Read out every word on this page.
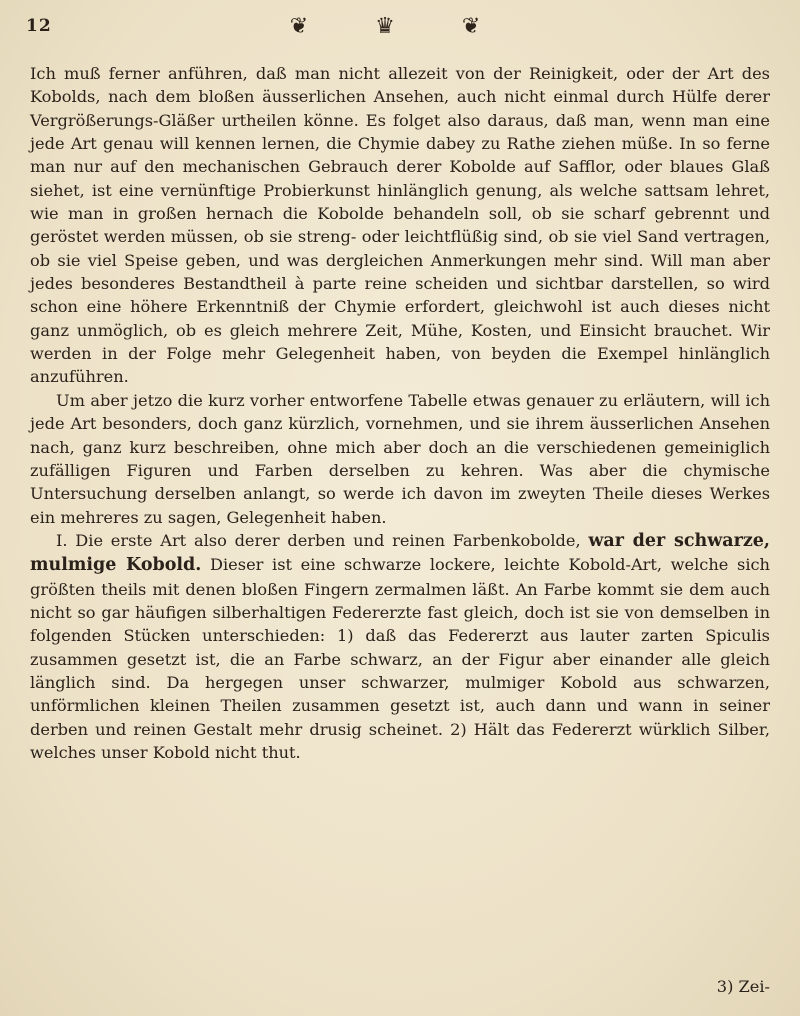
12	❦ ♛ ❦

Ich muß ferner anführen, daß man nicht allezeit von der Reinigkeit, oder der Art des Kobolds, nach dem bloßen äusserlichen Ansehen, auch nicht einmal durch Hülfe derer Vergrößerungs-Gläßer urtheilen könne. Es folget also daraus, daß man, wenn man eine jede Art genau will kennen lernen, die Chymie dabey zu Rathe ziehen müße. In so ferne man nur auf den mechanischen Gebrauch derer Kobolde auf Safflor, oder blaues Glaß siehet, ist eine vernünftige Probierkunst hinlänglich genung, als welche sattsam lehret, wie man in großen hernach die Kobolde behandeln soll, ob sie scharf gebrennt und geröstet werden müssen, ob sie streng- oder leichtflüßig sind, ob sie viel Sand vertragen, ob sie viel Speise geben, und was dergleichen Anmerkungen mehr sind. Will man aber jedes besonderes Bestandtheil à parte reine scheiden und sichtbar darstellen, so wird schon eine höhere Erkenntniß der Chymie erfordert, gleichwohl ist auch dieses nicht ganz unmöglich, ob es gleich mehrere Zeit, Mühe, Kosten, und Einsicht brauchet. Wir werden in der Folge mehr Gelegenheit haben, von beyden die Exempel hinlänglich anzuführen.

Um aber jetzo die kurz vorher entworfene Tabelle etwas genauer zu erläutern, will ich jede Art besonders, doch ganz kürzlich, vornehmen, und sie ihrem äusserlichen Ansehen nach, ganz kurz beschreiben, ohne mich aber doch an die verschiedenen gemeiniglich zufälligen Figuren und Farben derselben zu kehren. Was aber die chymische Untersuchung derselben anlangt, so werde ich davon im zweyten Theile dieses Werkes ein mehreres zu sagen, Gelegenheit haben.

I. Die erste Art also derer derben und reinen Farbenkobolde, war der schwarze, mulmige Kobold. Dieser ist eine schwarze lockere, leichte Kobold-Art, welche sich größten theils mit denen bloßen Fingern zermalmen läßt. An Farbe kommt sie dem auch nicht so gar häufigen silberhaltigen Federerzte fast gleich, doch ist sie von demselben in folgenden Stücken unterschieden: 1) daß das Federerzt aus lauter zarten Spiculis zusammen gesetzt ist, die an Farbe schwarz, an der Figur aber einander alle gleich länglich sind. Da hergegen unser schwarzer, mulmiger Kobold aus schwarzen, unförmlichen kleinen Theilen zusammen gesetzt ist, auch dann und wann in seiner derben und reinen Gestalt mehr drusig scheinet. 2) Hält das Federerzt würklich Silber, welches unser Kobold nicht thut.

3) Zei-
